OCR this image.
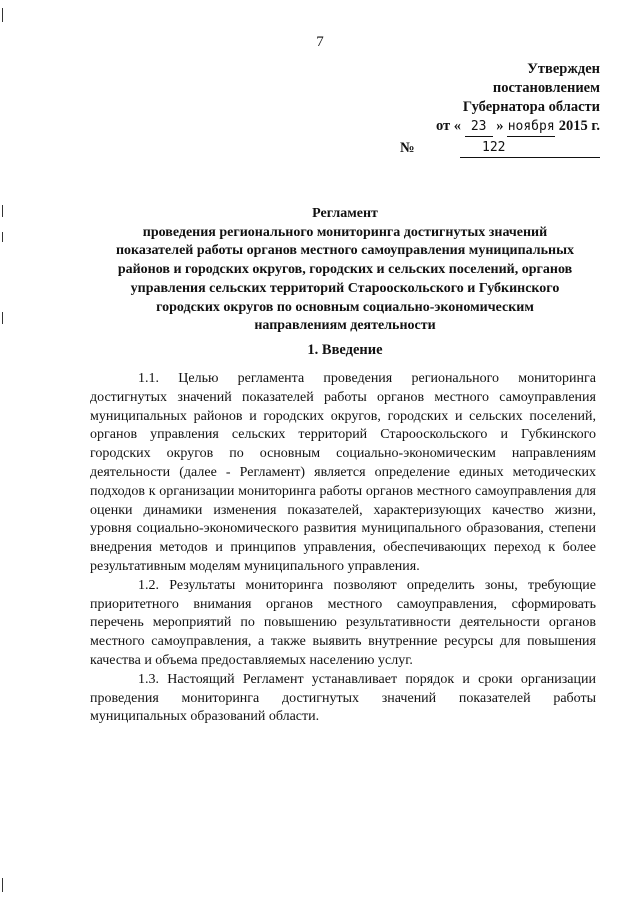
7
Утвержден
постановлением
Губернатора области
от « 23 » ноября 2015 г.
№	122
Регламент
проведения регионального мониторинга достигнутых значений
показателей работы органов местного самоуправления муниципальных
районов и городских округов, городских и сельских поселений, органов
управления сельских территорий Старооскольского и Губкинского
городских округов по основным социально-экономическим
направлениям деятельности
1. Введение

1.1. Целью регламента проведения регионального мониторинга достигнутых значений показателей работы органов местного самоуправления муниципальных районов и городских округов, городских и сельских поселений, органов управления сельских территорий Старооскольского и Губкинского городских округов по основным социально-экономическим направлениям деятельности (далее - Регламент) является определение единых методических подходов к организации мониторинга работы органов местного самоуправления для оценки динамики изменения показателей, характеризующих качество жизни, уровня социально-экономического развития муниципального образования, степени внедрения методов и принципов управления, обеспечивающих переход к более результативным моделям муниципального управления.

1.2. Результаты мониторинга позволяют определить зоны, требующие приоритетного внимания органов местного самоуправления, сформировать перечень мероприятий по повышению результативности деятельности органов местного самоуправления, а также выявить внутренние ресурсы для повышения качества и объема предоставляемых населению услуг.

1.3. Настоящий Регламент устанавливает порядок и сроки организации проведения мониторинга достигнутых значений показателей работы муниципальных образований области.
